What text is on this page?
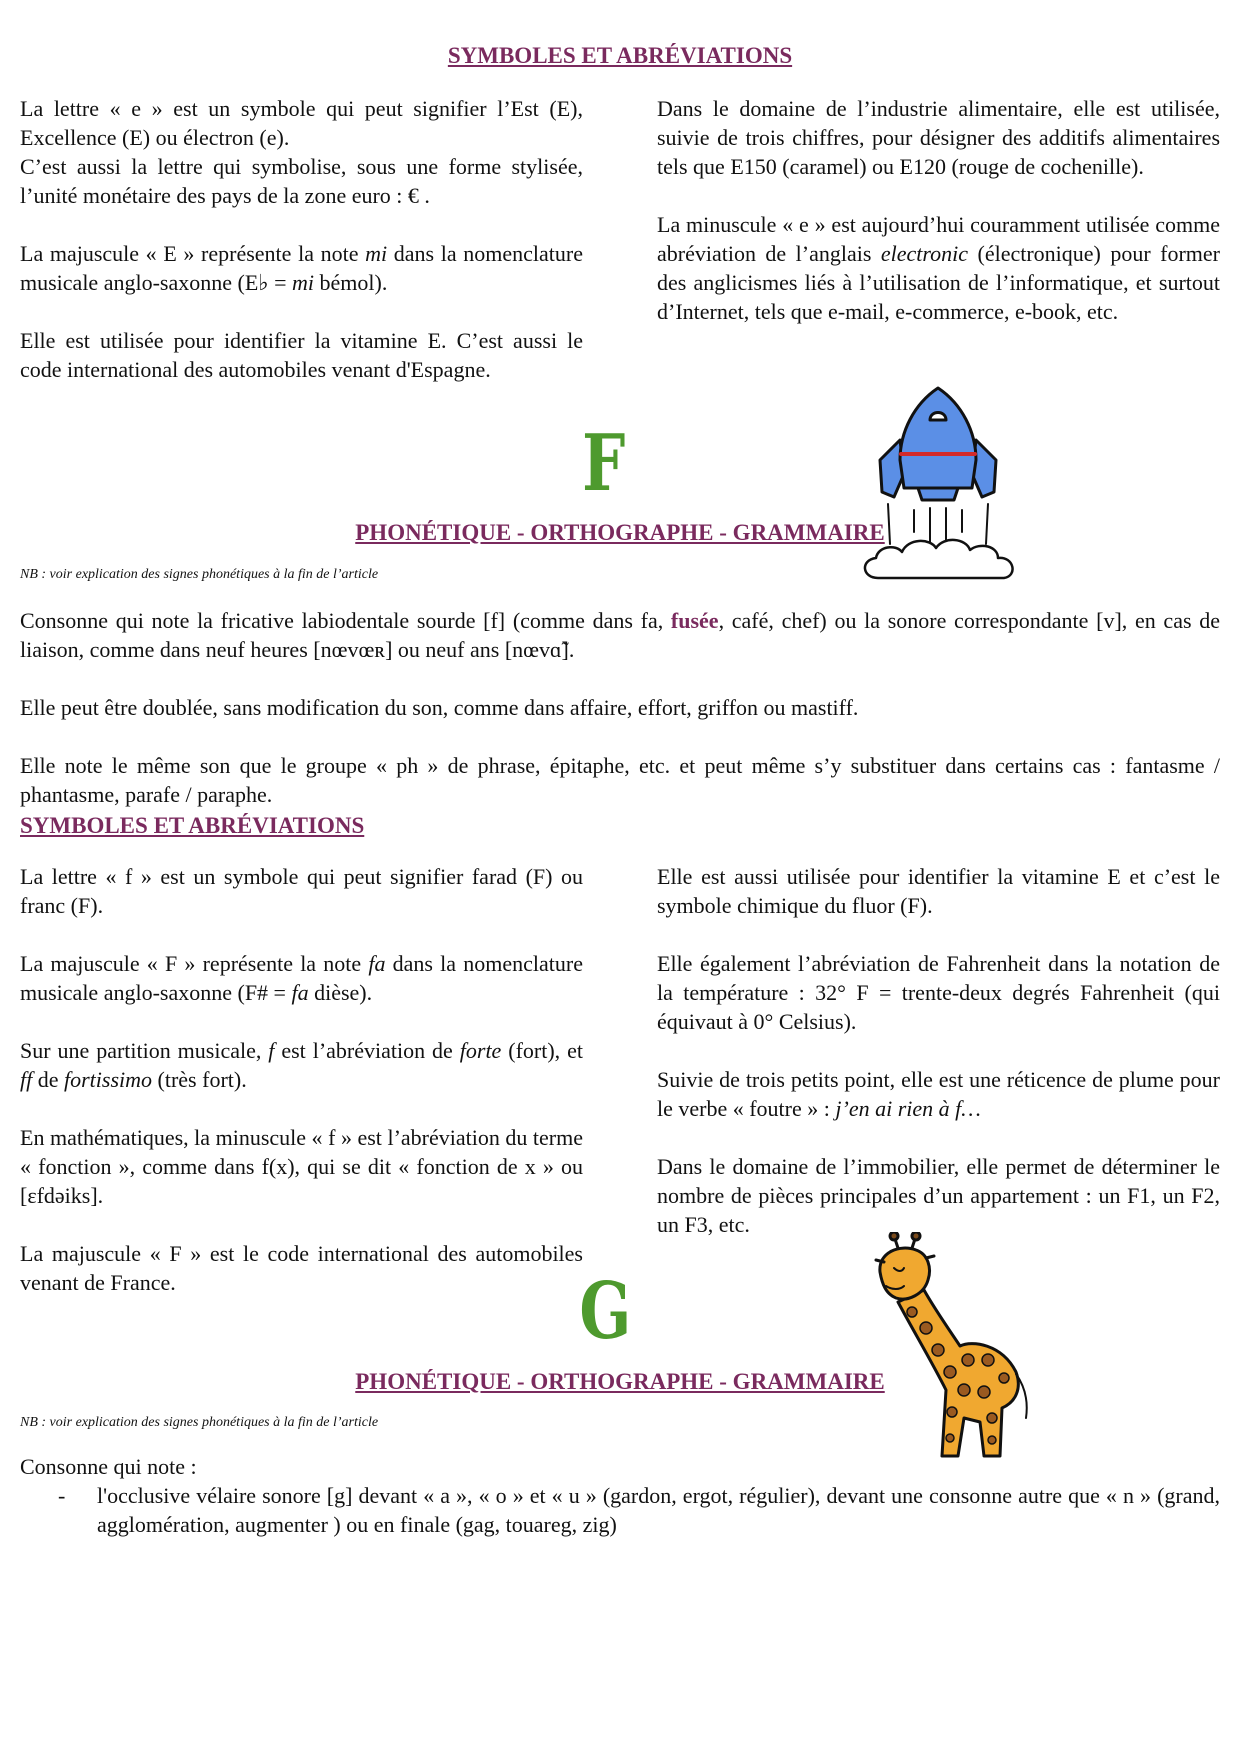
SYMBOLES ET ABRÉVIATIONS

La lettre « e » est un symbole qui peut signifier l’Est (E), Excellence (E) ou électron (e).

C’est aussi la lettre qui symbolise, sous une forme stylisée, l’unité monétaire des pays de la zone euro : € .

La majuscule « E » représente la note mi dans la nomenclature musicale anglo-saxonne (E♭ = mi bémol).

Elle est utilisée pour identifier la vitamine E. C’est aussi le code international des automobiles venant d'Espagne.

Dans le domaine de l’industrie alimentaire, elle est utilisée, suivie de trois chiffres, pour désigner des additifs alimentaires tels que E150 (caramel) ou E120 (rouge de cochenille).

La minuscule « e » est aujourd’hui couramment utilisée comme abréviation de l’anglais electronic (électronique) pour former des anglicismes liés à l’utilisation de l’informatique, et surtout d’Internet, tels que e-mail, e-commerce, e-book, etc.

F
PHONÉTIQUE - ORTHOGRAPHE - GRAMMAIRE
NB : voir explication des signes phonétiques à la fin de l’article

Consonne qui note la fricative labiodentale sourde [f] (comme dans fa, fusée, café, chef) ou la sonore correspondante [v], en cas de liaison, comme dans neuf heures [nœvœʀ] ou neuf ans [nœvɑ̃].

Elle peut être doublée, sans modification du son, comme dans affaire, effort, griffon ou mastiff.

Elle note le même son que le groupe « ph » de phrase, épitaphe, etc. et peut même s’y substituer dans certains cas : fantasme / phantasme, parafe / paraphe.

SYMBOLES ET ABRÉVIATIONS

La lettre « f » est un symbole qui peut signifier farad (F) ou franc (F).

La majuscule « F » représente la note fa dans la nomenclature musicale anglo-saxonne (F# = fa dièse).

Sur une partition musicale, f est l’abréviation de forte (fort), et ff de fortissimo (très fort).

En mathématiques, la minuscule « f » est l’abréviation du terme « fonction », comme dans f(x), qui se dit « fonction de x » ou [ɛfdəiks].

La majuscule « F » est le code international des automobiles venant de France.

Elle est aussi utilisée pour identifier la vitamine E et c’est le symbole chimique du fluor (F).

Elle également l’abréviation de Fahrenheit dans la notation de la température : 32° F = trente-deux degrés Fahrenheit (qui équivaut à 0° Celsius).

Suivie de trois petits point, elle est une réticence de plume pour le verbe « foutre » : j’en ai rien à f…

Dans le domaine de l’immobilier, elle permet de déterminer le nombre de pièces principales d’un appartement : un F1, un F2, un F3, etc.

G
PHONÉTIQUE - ORTHOGRAPHE - GRAMMAIRE
NB : voir explication des signes phonétiques à la fin de l’article
Consonne qui note :
- l'occlusive vélaire sonore [g] devant « a », « o » et « u » (gardon, ergot, régulier), devant une consonne autre que « n » (grand, agglomération, augmenter ) ou en finale (gag, touareg, zig)
